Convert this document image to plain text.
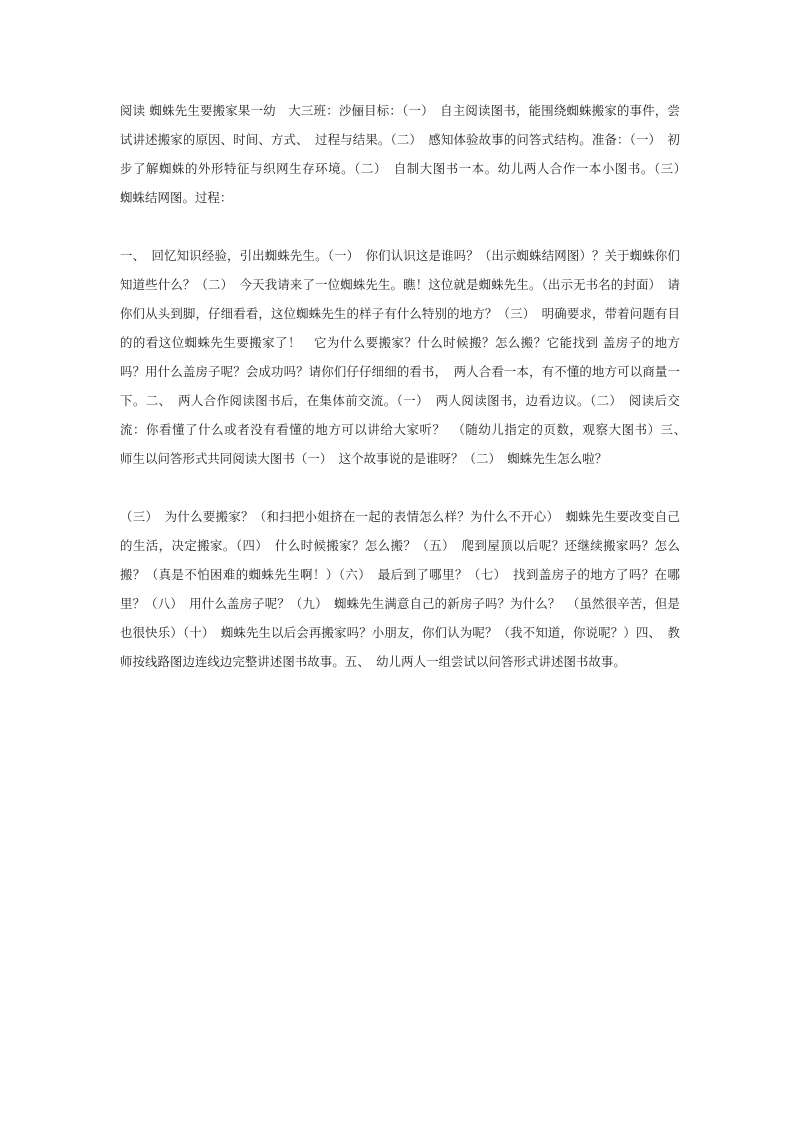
阅读 蜘蛛先生要搬家果一幼　大三班：沙俪目标：（一）　自主阅读图书，能围绕蜘蛛搬家的事件，尝试讲述搬家的原因、时间、方式、　过程与结果。（二）　感知体验故事的问答式结构。准备：（一）　初步了解蜘蛛的外形特征与织网生存环境。（二）　自制大图书一本。幼儿两人合作一本小图书。（三）　蜘蛛结网图。过程：

一、　回忆知识经验，引出蜘蛛先生。（一）　你们认识这是谁吗？（出示蜘蛛结网图）？关于蜘蛛你们知道些什么？（二）　今天我请来了一位蜘蛛先生。瞧！这位就是蜘蛛先生。（出示无书名的封面）　请你们从头到脚，仔细看看，这位蜘蛛先生的样子有什么特别的地方？（三）　明确要求，带着问题有目的的看这位蜘蛛先生要搬家了！　它为什么要搬家？什么时候搬？怎么搬？它能找到 盖房子的地方吗？用什么盖房子呢？会成功吗？请你们仔仔细细的看书，　两人合看一本，有不懂的地方可以商量一下。二、　两人合作阅读图书后，在集体前交流。（一）　两人阅读图书，边看边议。（二）　阅读后交流：你看懂了什么或者没有看懂的地方可以讲给大家听？　（随幼儿指定的页数，观察大图书）三、　师生以问答形式共同阅读大图书（一）　这个故事说的是谁呀？（二）　蜘蛛先生怎么啦？

（三）　为什么要搬家？（和扫把小姐挤在一起的表情怎么样？为什么不开心）　蜘蛛先生要改变自己的生活，决定搬家。（四）　什么时候搬家？怎么搬？（五）　爬到屋顶以后呢？还继续搬家吗？怎么搬？（真是不怕困难的蜘蛛先生啊！）（六）　最后到了哪里？（七）　找到盖房子的地方了吗？在哪里？（八）　用什么盖房子呢？（九）　蜘蛛先生满意自己的新房子吗？为什么？　（虽然很辛苦，但是也很快乐）（十）　蜘蛛先生以后会再搬家吗？小朋友，你们认为呢？（我不知道，你说呢？）四、　教师按线路图边连线边完整讲述图书故事。五、　幼儿两人一组尝试以问答形式讲述图书故事。
